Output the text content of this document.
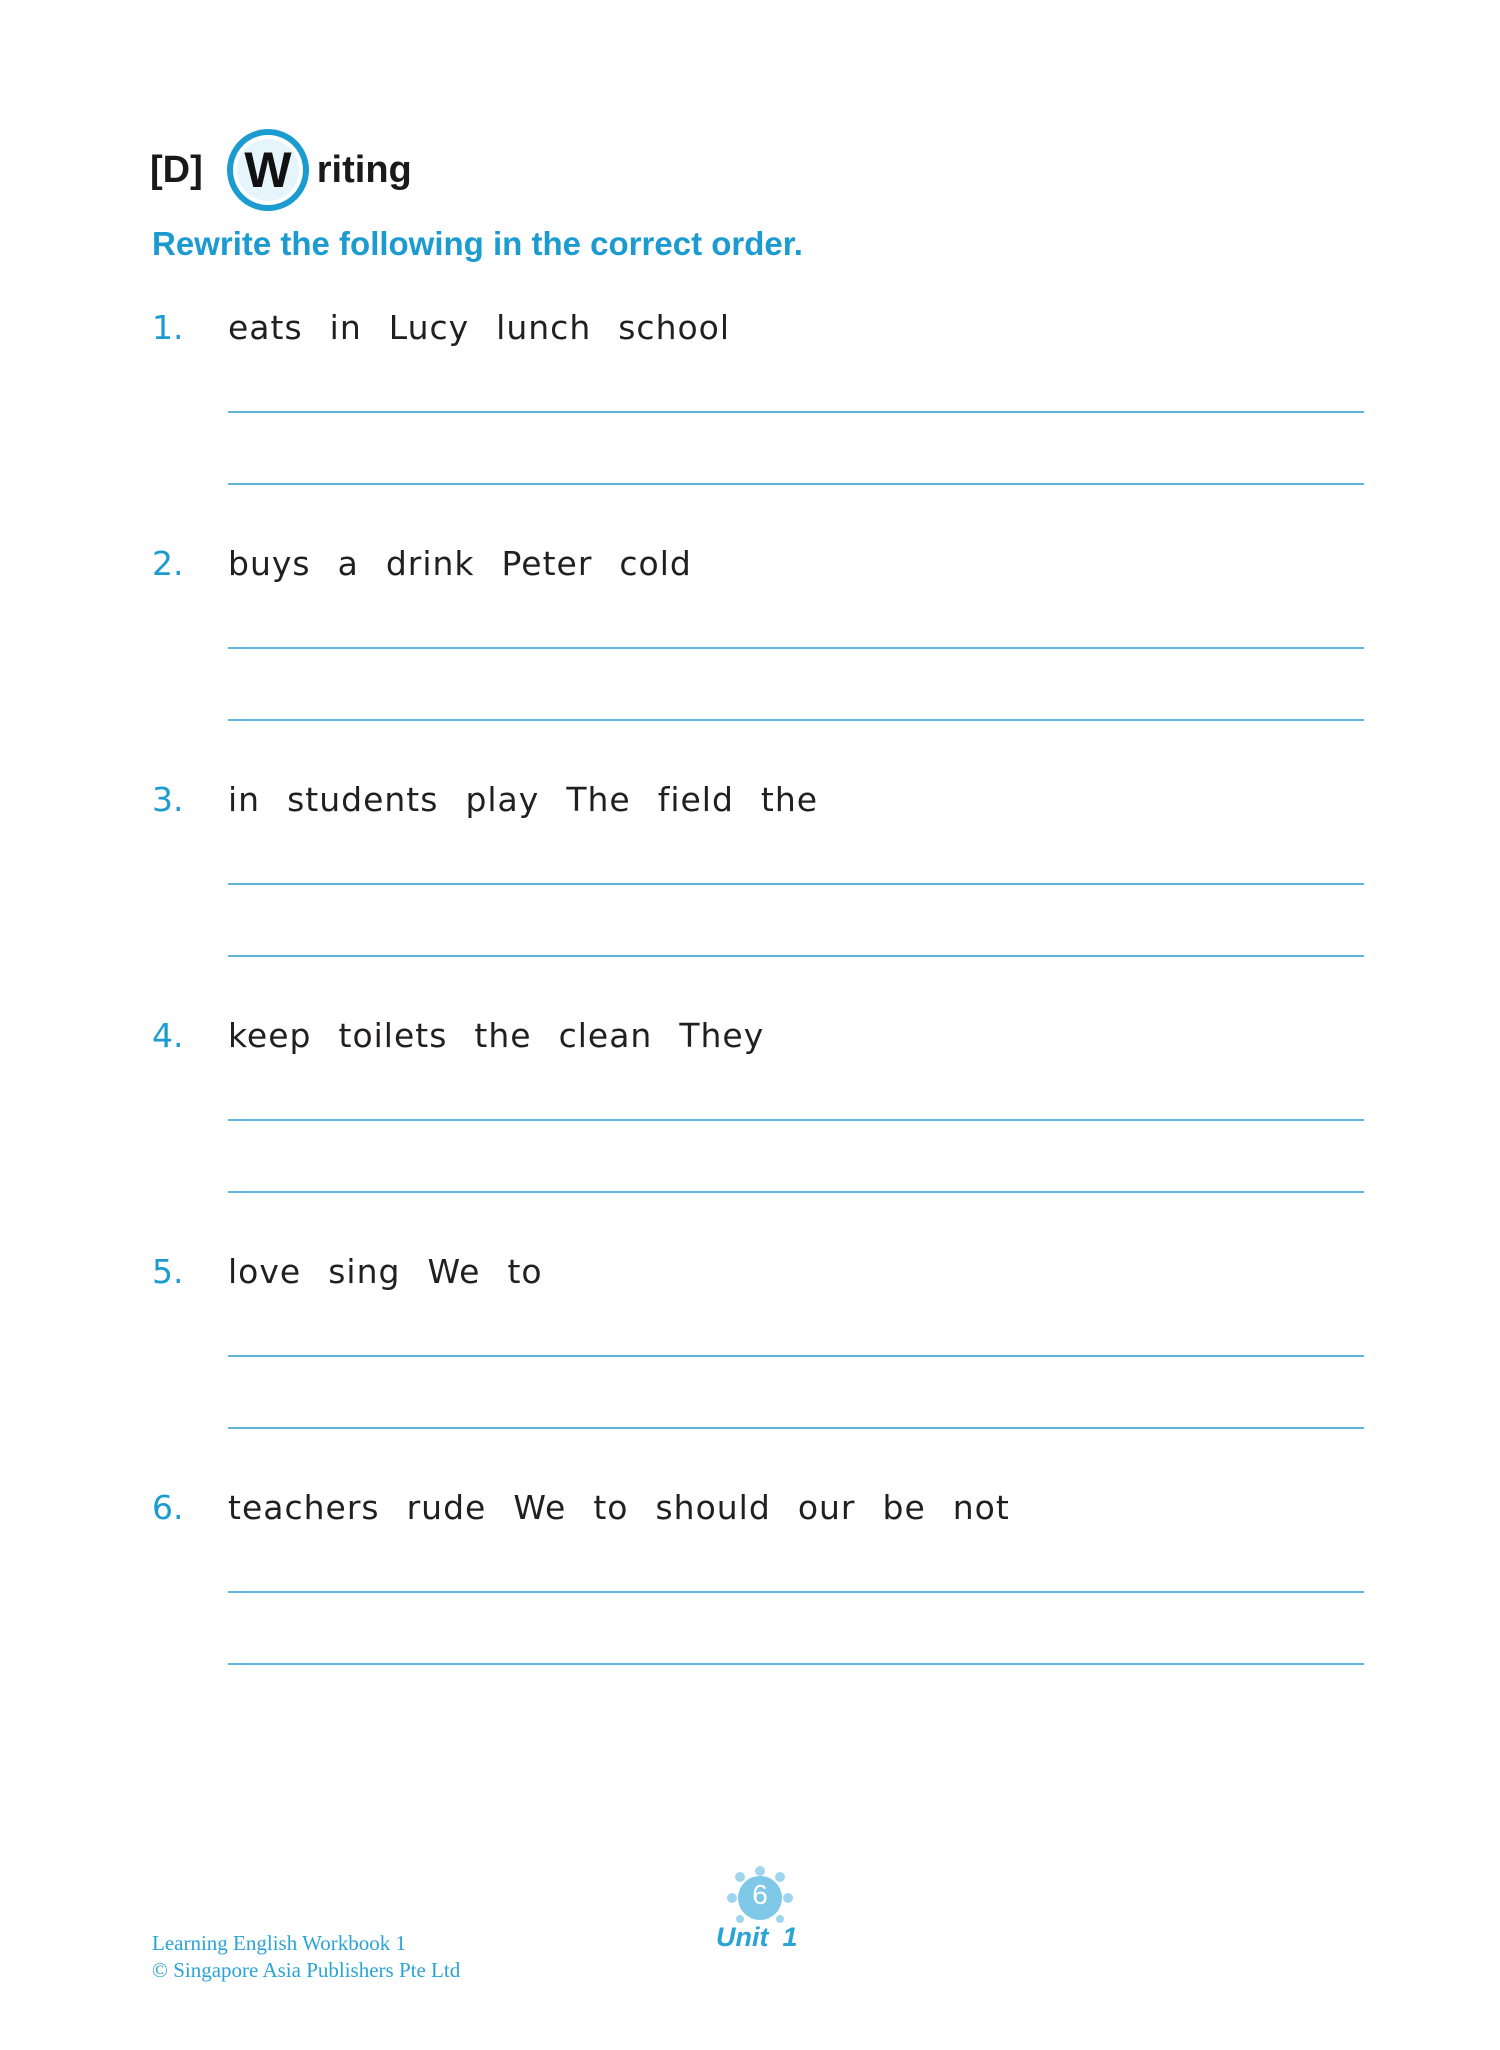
[D] W riting
Rewrite the following in the correct order.
1. eats in Lucy lunch school
2. buys a drink Peter cold
3. in students play The field the
4. keep toilets the clean They
5. love sing We to
6. teachers rude We to should our be not
Learning English Workbook 1
© Singapore Asia Publishers Pte Ltd
6
Unit 1
